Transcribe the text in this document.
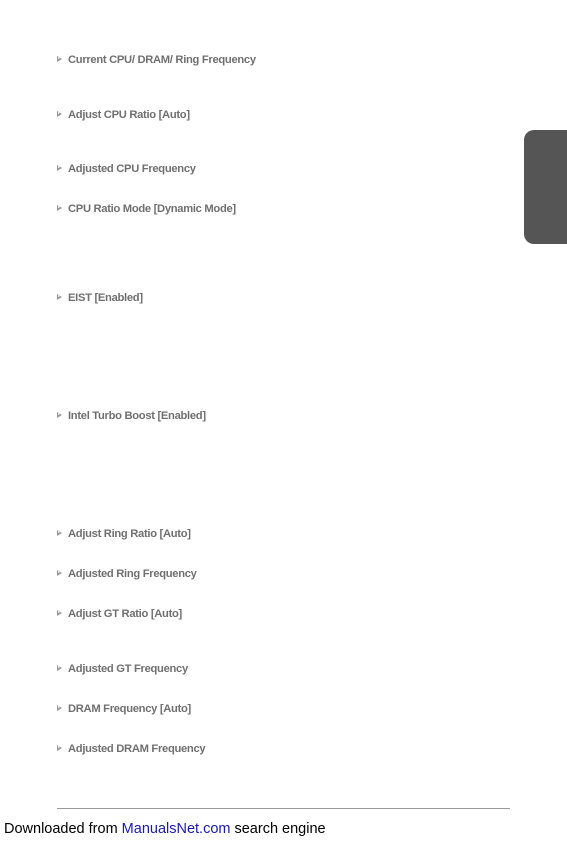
Current CPU/ DRAM/ Ring Frequency
Adjust CPU Ratio [Auto]
Adjusted CPU Frequency
CPU Ratio Mode [Dynamic Mode]
EIST [Enabled]
Intel Turbo Boost [Enabled]
Adjust Ring Ratio [Auto]
Adjusted Ring Frequency
Adjust GT Ratio [Auto]
Adjusted GT Frequency
DRAM Frequency [Auto]
Adjusted DRAM Frequency
Downloaded from ManualsNet.com search engine
